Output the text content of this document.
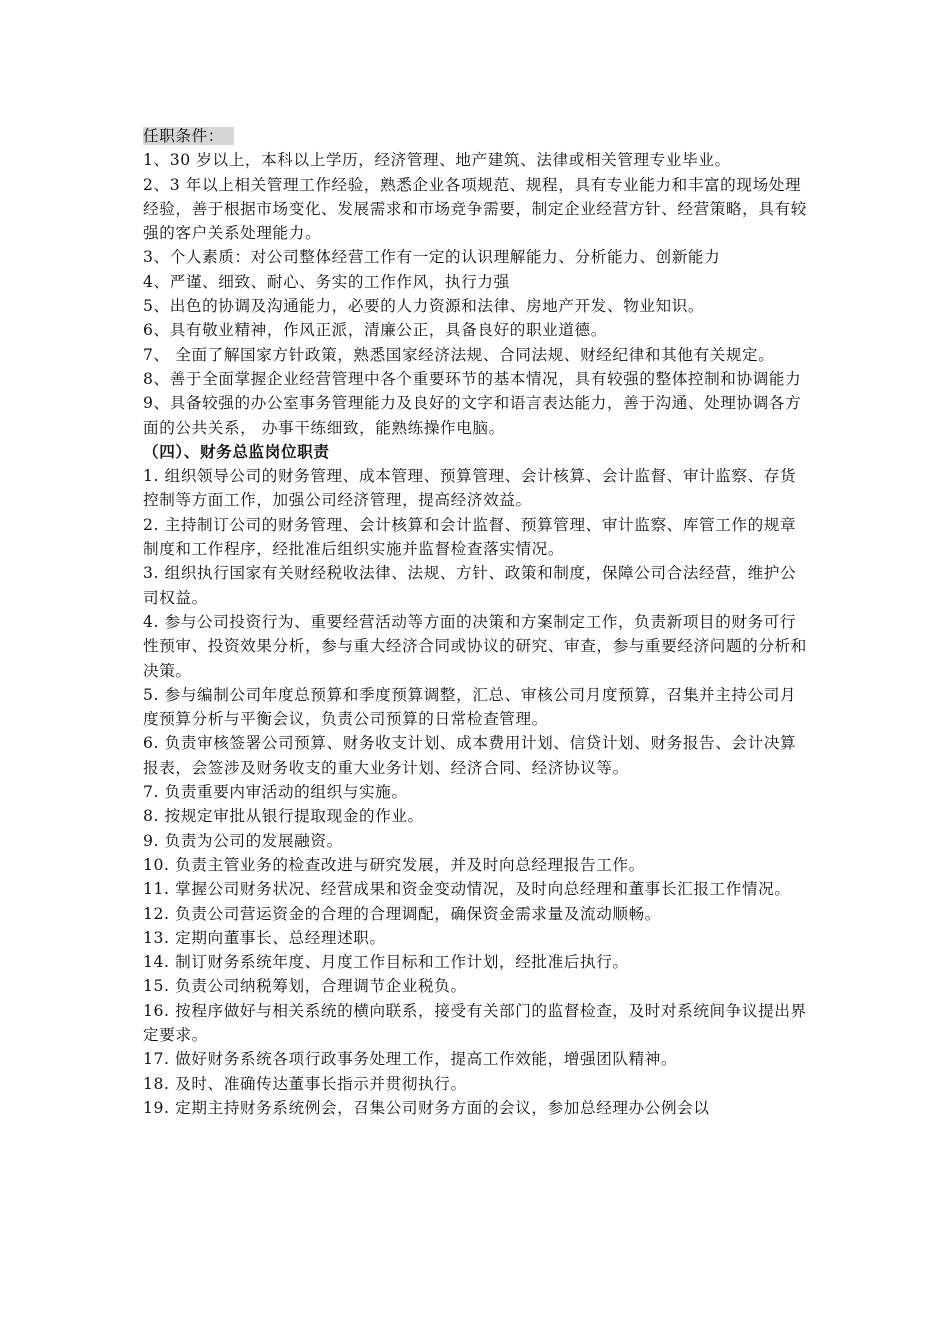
任职条件：

1、30 岁以上，本科以上学历，经济管理、地产建筑、法律或相关管理专业毕业。

2、3 年以上相关管理工作经验，熟悉企业各项规范、规程，具有专业能力和丰富的现场处理经验，善于根据市场变化、发展需求和市场竞争需要，制定企业经营方针、经营策略，具有较强的客户关系处理能力。

3、个人素质：对公司整体经营工作有一定的认识理解能力、分析能力、创新能力

4、严谨、细致、耐心、务实的工作作风，执行力强

5、出色的协调及沟通能力，必要的人力资源和法律、房地产开发、物业知识。

6、具有敬业精神，作风正派，清廉公正，具备良好的职业道德。

7、 全面了解国家方针政策，熟悉国家经济法规、合同法规、财经纪律和其他有关规定。

8、善于全面掌握企业经营管理中各个重要环节的基本情况，具有较强的整体控制和协调能力

9、具备较强的办公室事务管理能力及良好的文字和语言表达能力，善于沟通、处理协调各方面的公共关系， 办事干练细致，能熟练操作电脑。

（四）、财务总监岗位职责

1. 组织领导公司的财务管理、成本管理、预算管理、会计核算、会计监督、审计监察、存货控制等方面工作，加强公司经济管理，提高经济效益。

2. 主持制订公司的财务管理、会计核算和会计监督、预算管理、审计监察、库管工作的规章制度和工作程序，经批准后组织实施并监督检查落实情况。

3. 组织执行国家有关财经税收法律、法规、方针、政策和制度，保障公司合法经营，维护公司权益。

4. 参与公司投资行为、重要经营活动等方面的决策和方案制定工作，负责新项目的财务可行性预审、投资效果分析，参与重大经济合同或协议的研究、审查，参与重要经济问题的分析和决策。

5. 参与编制公司年度总预算和季度预算调整，汇总、审核公司月度预算，召集并主持公司月度预算分析与平衡会议，负责公司预算的日常检查管理。

6. 负责审核签署公司预算、财务收支计划、成本费用计划、信贷计划、财务报告、会计决算报表，会签涉及财务收支的重大业务计划、经济合同、经济协议等。

7. 负责重要内审活动的组织与实施。

8. 按规定审批从银行提取现金的作业。

9. 负责为公司的发展融资。

10. 负责主管业务的检查改进与研究发展，并及时向总经理报告工作。

11. 掌握公司财务状况、经营成果和资金变动情况，及时向总经理和董事长汇报工作情况。

12. 负责公司营运资金的合理的合理调配，确保资金需求量及流动顺畅。

13. 定期向董事长、总经理述职。

14. 制订财务系统年度、月度工作目标和工作计划，经批准后执行。

15. 负责公司纳税筹划，合理调节企业税负。

16. 按程序做好与相关系统的横向联系，接受有关部门的监督检查，及时对系统间争议提出界定要求。

17. 做好财务系统各项行政事务处理工作，提高工作效能，增强团队精神。

18. 及时、准确传达董事长指示并贯彻执行。

19. 定期主持财务系统例会，召集公司财务方面的会议，参加总经理办公例会以
